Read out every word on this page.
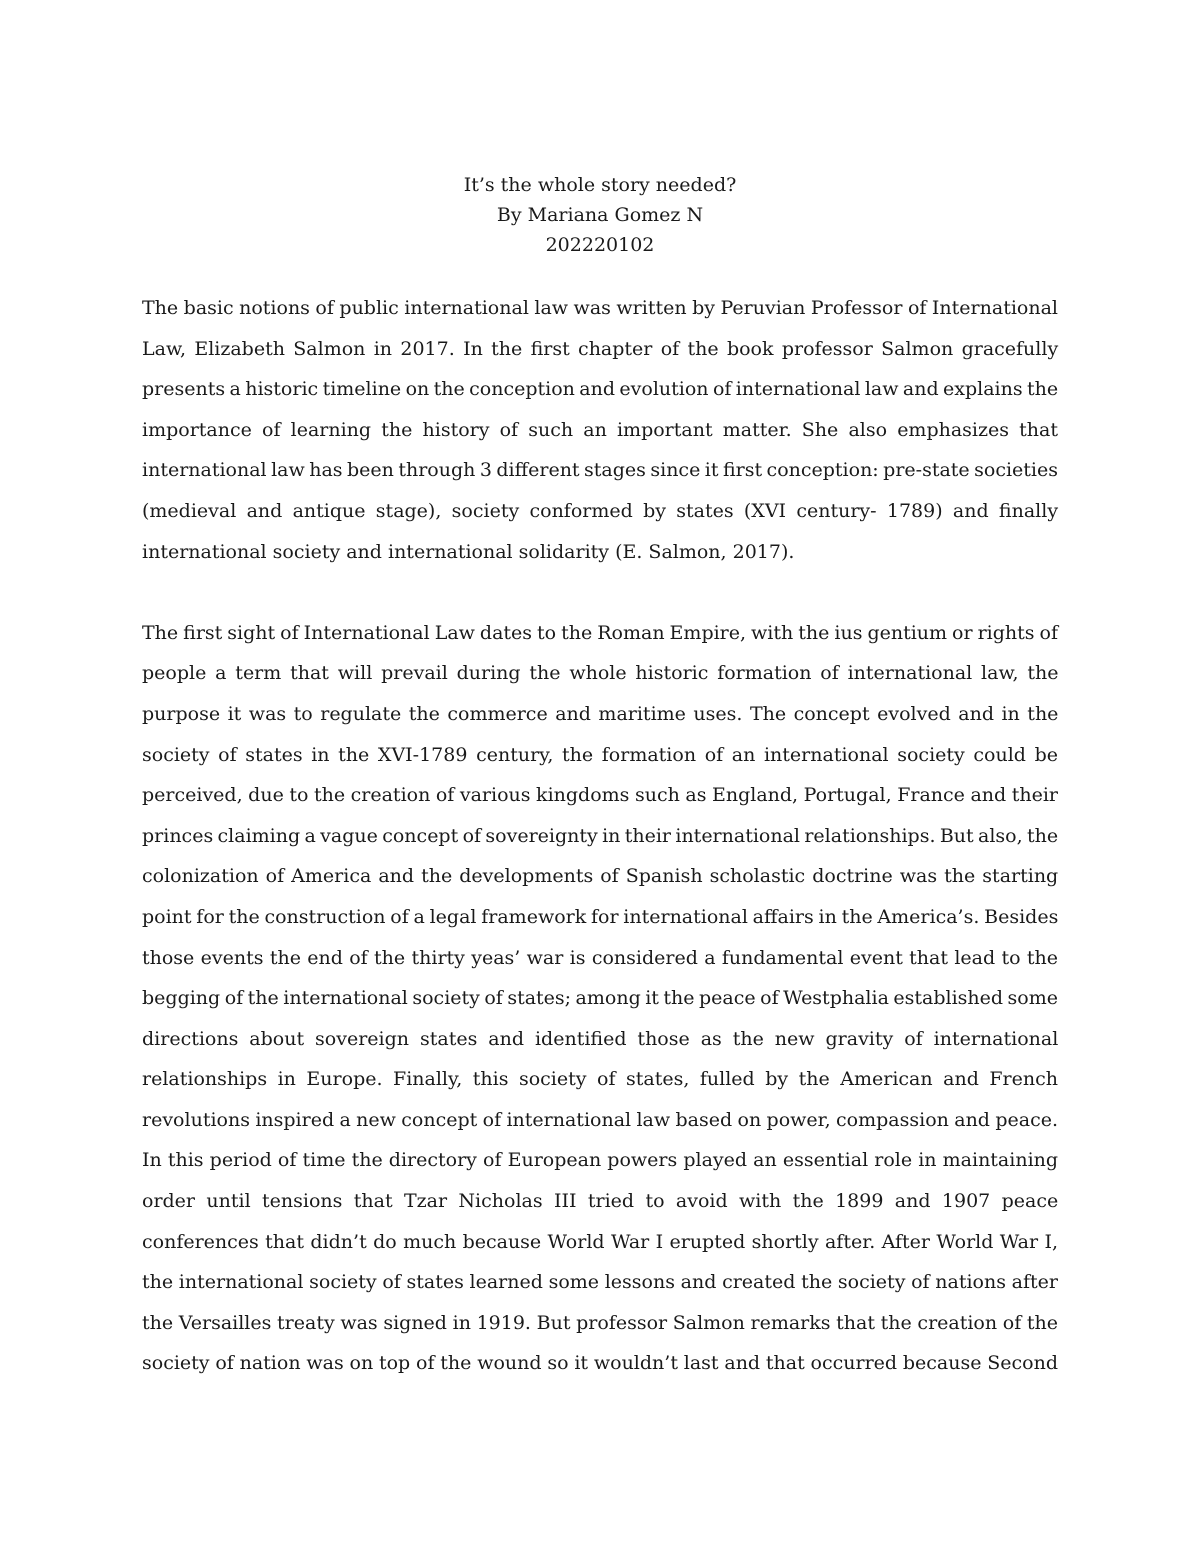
It’s the whole story needed?
By Mariana Gomez N
202220102
The basic notions of public international law was written by Peruvian Professor of International
Law, Elizabeth Salmon in 2017. In the first chapter of the book professor Salmon gracefully
presents a historic timeline on the conception and evolution of international law and explains the
importance of learning the history of such an important matter. She also emphasizes that
international law has been through 3 different stages since it first conception: pre-state societies
(medieval and antique stage), society conformed by states (XVI century- 1789) and finally
international society and international solidarity (E. Salmon, 2017).
The first sight of International Law dates to the Roman Empire, with the ius gentium or rights of
people a term that will prevail during the whole historic formation of international law, the
purpose it was to regulate the commerce and maritime uses. The concept evolved and in the
society of states in the XVI-1789 century, the formation of an international society could be
perceived, due to the creation of various kingdoms such as England, Portugal, France and their
princes claiming a vague concept of sovereignty in their international relationships. But also, the
colonization of America and the developments of Spanish scholastic doctrine was the starting
point for the construction of a legal framework for international affairs in the America’s. Besides
those events the end of the thirty yeas’ war is considered a fundamental event that lead to the
begging of the international society of states; among it the peace of Westphalia established some
directions about sovereign states and identified those as the new gravity of international
relationships in Europe. Finally, this society of states, fulled by the American and French
revolutions inspired a new concept of international law based on power, compassion and peace.
In this period of time the directory of European powers played an essential role in maintaining
order until tensions that Tzar Nicholas III tried to avoid with the 1899 and 1907 peace
conferences that didn’t do much because World War I erupted shortly after. After World War I,
the international society of states learned some lessons and created the society of nations after
the Versailles treaty was signed in 1919. But professor Salmon remarks that the creation of the
society of nation was on top of the wound so it wouldn’t last and that occurred because Second
